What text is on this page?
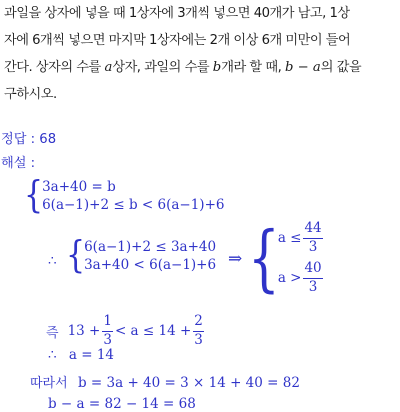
과일을 상자에 넣을 때 1상자에 3개씩 넣으면 40개가 남고, 1상

자에 6개씩 넣으면 마지막 1상자에는 2개 이상 6개 미만이 들어

간다. 상자의 수를 a상자, 과일의 수를 b개라 할 때, b − a의 값을

구하시오.

정답 : 68
해설 :
{ 3a+40 = b
6(a−1)+2 ≤ b < 6(a−1)+6
∴ { 6(a−1)+2 ≤ 3a+40
3a+40 < 6(a−1)+6 ⇒ {
$a \le \frac{44}{3}$
$a > \frac{40}{3}$
즉 $13 + \frac{1}{3} < a \le 14 + \frac{2}{3}$
∴ a = 14
따라서 b = 3a + 40 = 3 × 14 + 40 = 82
b − a = 82 − 14 = 68
